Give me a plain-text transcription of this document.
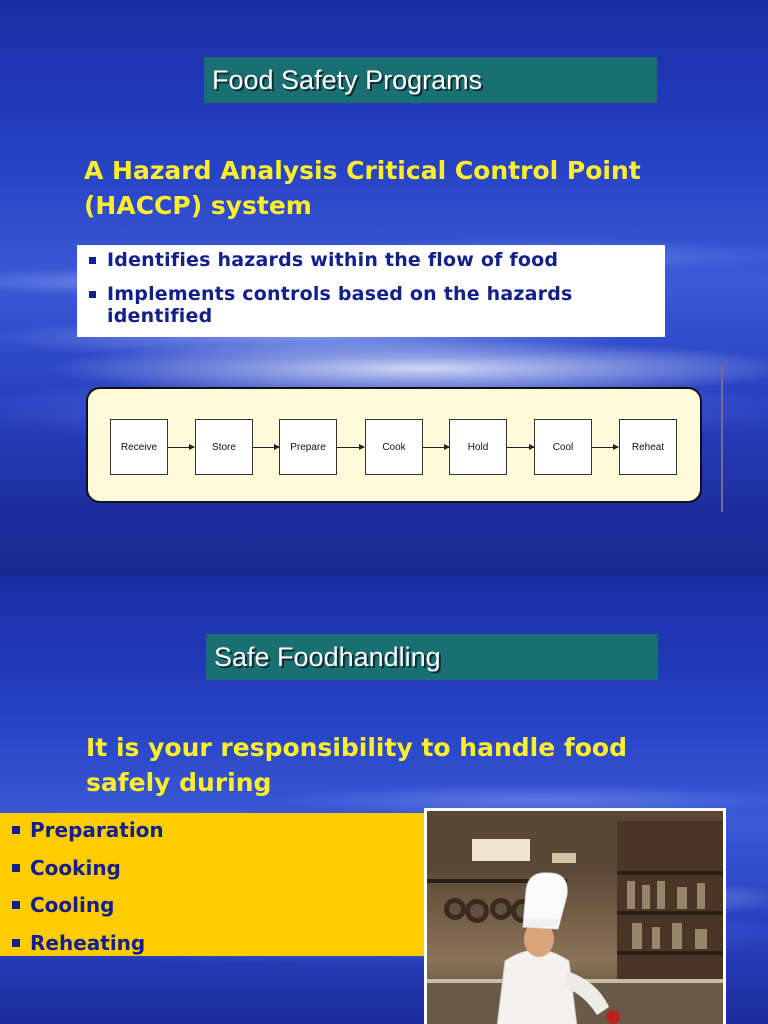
Food Safety Programs
A Hazard Analysis Critical Control Point (HACCP) system
Identifies hazards within the flow of food
Implements controls based on the hazards identified
Receive	Store	Prepare	Cook	Hold	Cool	Reheat
Safe Foodhandling
It is your responsibility to handle food safely during
Preparation
Cooking
Cooling
Reheating
